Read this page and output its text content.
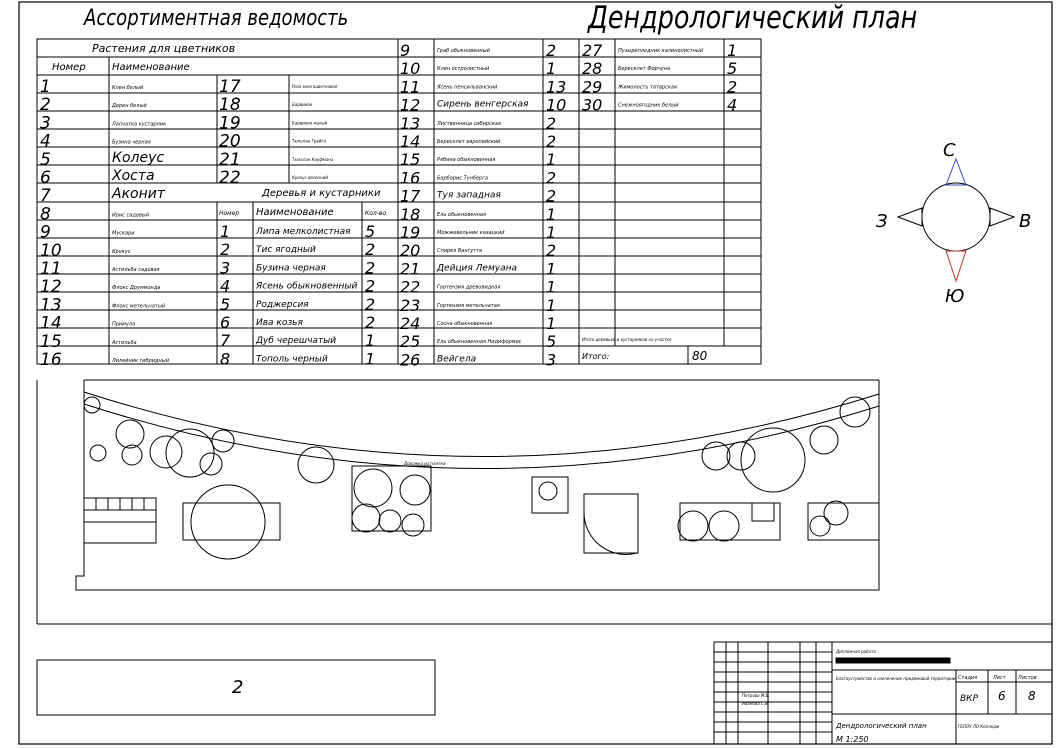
Ассортиментная ведомость	Дендрологический план
Растения для цветников
Номер	Наименование
Деревья и кустарники
Номер Наименование	Кол-во
Итого деревьев и кустарников на участке
Итого:	80
1	Клен белый
2	Дерен белый
3	Лапчатка кустарник
4	Бузина черная
5	Колеус
6	Хоста
7	Аконит
8	Ирис садовый
9	Мускари
10	Крокус
11	Астильба садовая
12	Флокс Друммонда
13	Флокс метельчатый
14	Примула
15	Астильба
16	Лилейник гибридный
17	Роза многоцветковая
18	Барвинок
19	Барвинок малый
20	Тюльпан Грейга
21	Тюльпан Кауфмана
22	Крокус весенний
1	Липа мелколистная 5
2	Тис ягодный	2
3	Бузина черная 2
4	Ясень обыкновенный 2
5	Роджерсия	2
6	Ива козья	2
7	Дуб черешчатый 1
8	Тополь черный 1
9	Граб обыкновенный	2
10	Клен остролистный	1
11	Ясень пенсильванский	13
12 Сирень венгерская 10
13	Лиственница сибирская	2
14	Бересклет европейский	2
15	Рябина обыкновенная	1
16	Барбарис Тунберга	2
17 Туя западная	2
18	Ель обыкновенная	1
19	Можжевельник казацкий	1
20	Спирея Вангутта	2
21 Дейция Лемуана 1
22	Гортензия древовидная	1
23	Гортензия метельчатая	1
24	Сосна обыкновенная	1
25	Ель обыкновенная Нидиформис 5
26 Вейгела	3
27	Пузыреплодник калинолистный 1
28	Бересклет Форчуна	5
29	Жимолость татарская	2
30	Снежноягодник белый	4
С
Ю
З	В
Дорожка из плитки
2
Дипломная работа
Благоустройство и озеленение придомовой территории
Петрова М.В.
Иванова С.В.
Стадия	Лист Листов
ВКР 6 8
Дендрологический план
М 1:250
ГБПОУ ЛО Колледж
